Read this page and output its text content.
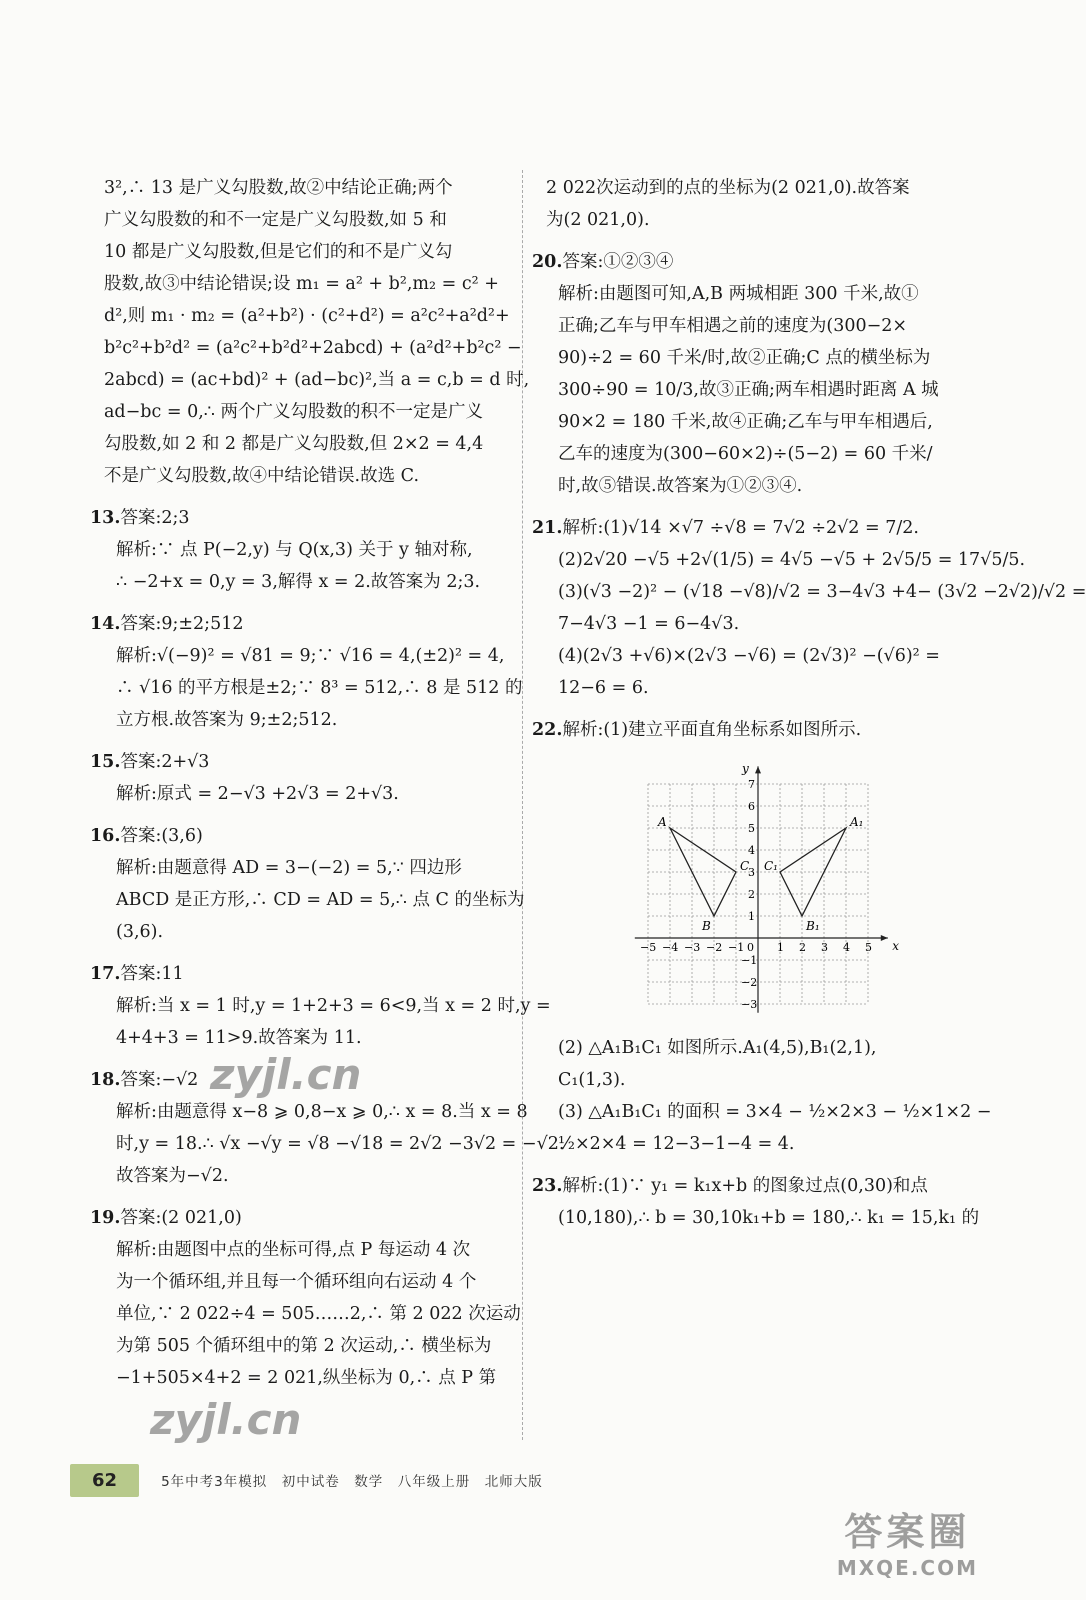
3²,∴ 13 是广义勾股数,故②中结论正确;两个
广义勾股数的和不一定是广义勾股数,如 5 和
10 都是广义勾股数,但是它们的和不是广义勾
股数,故③中结论错误;设 m₁ = a² + b²,m₂ = c² +
d²,则 m₁ · m₂ = (a²+b²) · (c²+d²) = a²c²+a²d²+
b²c²+b²d² = (a²c²+b²d²+2abcd) + (a²d²+b²c² −
2abcd) = (ac+bd)² + (ad−bc)²,当 a = c,b = d 时,
ad−bc = 0,∴ 两个广义勾股数的积不一定是广义
勾股数,如 2 和 2 都是广义勾股数,但 2×2 = 4,4
不是广义勾股数,故④中结论错误.故选 C.
13.答案:2;3
解析:∵ 点 P(−2,y) 与 Q(x,3) 关于 y 轴对称,
∴ −2+x = 0,y = 3,解得 x = 2.故答案为 2;3.
14.答案:9;±2;512
解析:√(−9)² = √81 = 9;∵ √16 = 4,(±2)² = 4,
∴ √16 的平方根是±2;∵ 8³ = 512,∴ 8 是 512 的
立方根.故答案为 9;±2;512.
15.答案:2+√3
解析:原式 = 2−√3 +2√3 = 2+√3.
16.答案:(3,6)
解析:由题意得 AD = 3−(−2) = 5,∵ 四边形
ABCD 是正方形,∴ CD = AD = 5,∴ 点 C 的坐标为
(3,6).
17.答案:11
解析:当 x = 1 时,y = 1+2+3 = 6<9,当 x = 2 时,y =
4+4+3 = 11>9.故答案为 11.
18.答案:−√2
解析:由题意得 x−8 ⩾ 0,8−x ⩾ 0,∴ x = 8.当 x = 8
时,y = 18.∴ √x −√y = √8 −√18 = 2√2 −3√2 = −√2.
故答案为−√2.
19.答案:(2 021,0)
解析:由题图中点的坐标可得,点 P 每运动 4 次
为一个循环组,并且每一个循环组向右运动 4 个
单位,∵ 2 022÷4 = 505……2,∴ 第 2 022 次运动
为第 505 个循环组中的第 2 次运动,∴ 横坐标为
−1+505×4+2 = 2 021,纵坐标为 0,∴ 点 P 第
2 022次运动到的点的坐标为(2 021,0).故答案
为(2 021,0).
20.答案:①②③④
解析:由题图可知,A,B 两城相距 300 千米,故①
正确;乙车与甲车相遇之前的速度为(300−2×
90)÷2 = 60 千米/时,故②正确;C 点的横坐标为
300÷90 = 10/3,故③正确;两车相遇时距离 A 城
90×2 = 180 千米,故④正确;乙车与甲车相遇后,
乙车的速度为(300−60×2)÷(5−2) = 60 千米/
时,故⑤错误.故答案为①②③④.
21.解析:(1)√14 ×√7 ÷√8 = 7√2 ÷2√2 = 7/2.
(2)2√20 −√5 +2√(1/5) = 4√5 −√5 + 2√5/5 = 17√5/5.
(3)(√3 −2)² − (√18 −√8)/√2 = 3−4√3 +4− (3√2 −2√2)/√2 =
7−4√3 −1 = 6−4√3.
(4)(2√3 +√6)×(2√3 −√6) = (2√3)² −(√6)² =
12−6 = 6.
22.解析:(1)建立平面直角坐标系如图所示.
x
y
−5 −4 −3 −2 −1 0 1 2 3 4 5
−3
−2
−1
1
2
3
4
5
6
7
A
B
C
A₁
B₁
C₁
(2) △A₁B₁C₁ 如图所示.A₁(4,5),B₁(2,1),
C₁(1,3).
(3) △A₁B₁C₁ 的面积 = 3×4 − ½×2×3 − ½×1×2 −
½×2×4 = 12−3−1−4 = 4.
23.解析:(1)∵ y₁ = k₁x+b 的图象过点(0,30)和点
(10,180),∴ b = 30,10k₁+b = 180,∴ k₁ = 15,k₁ 的
62	5年中考3年模拟　初中试卷　数学　八年级上册　北师大版
zyjl.cn
zyjl.cn
答案圈
MXQE.COM
